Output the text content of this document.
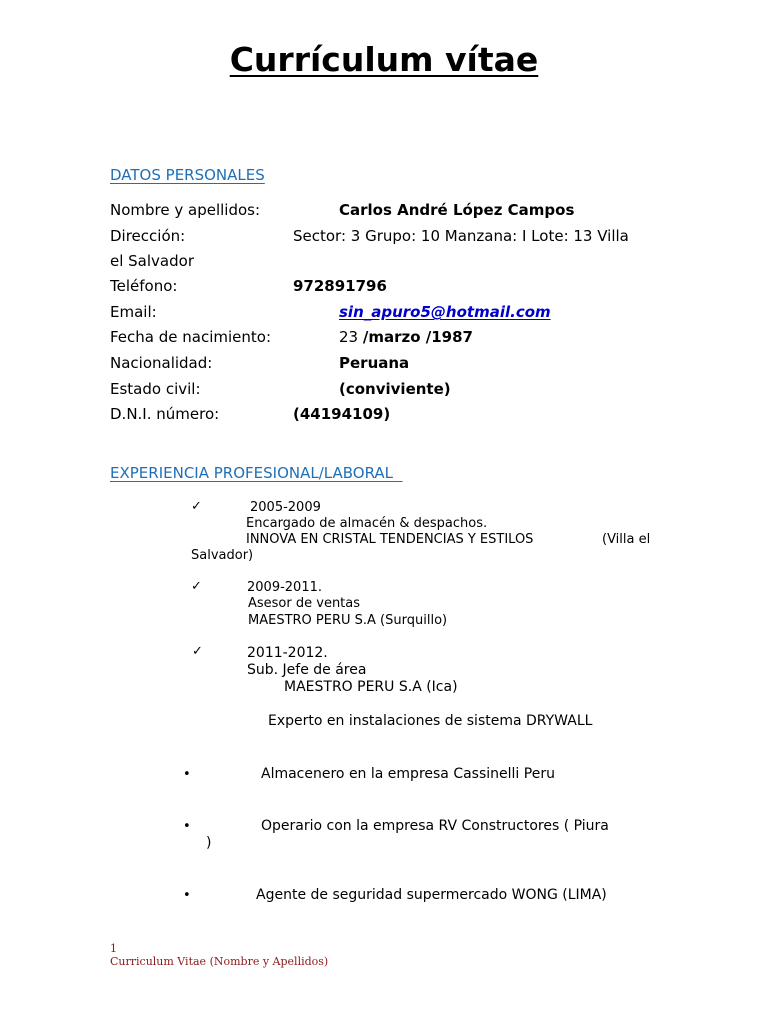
Currículum vítae
DATOS PERSONALES
Nombre y apellidos:	Carlos André López Campos
Dirección:	Sector: 3 Grupo: 10 Manzana: I Lote: 13 Villa
el Salvador
Teléfono:	972891796
Email:	sin_apuro5@hotmail.com
Fecha de nacimiento:	23 /marzo /1987
Nacionalidad:	Peruana
Estado civil:	(conviviente)
D.N.I. número:	(44194109)
EXPERIENCIA PROFESIONAL/LABORAL
✓	2005-2009
Encargado de almacén & despachos.
INNOVA EN CRISTAL TENDENCIAS Y ESTILOS	(Villa el
Salvador)
✓	2009-2011.
Asesor de ventas
MAESTRO PERU S.A (Surquillo)
✓	2011-2012.
Sub. Jefe de área
MAESTRO PERU S.A (Ica)
Experto en instalaciones de sistema DRYWALL
•	Almacenero en la empresa Cassinelli Peru
•	Operario con la empresa RV Constructores ( Piura
)
•	Agente de seguridad supermercado WONG (LIMA)
1
Curriculum Vitae (Nombre y Apellidos)
